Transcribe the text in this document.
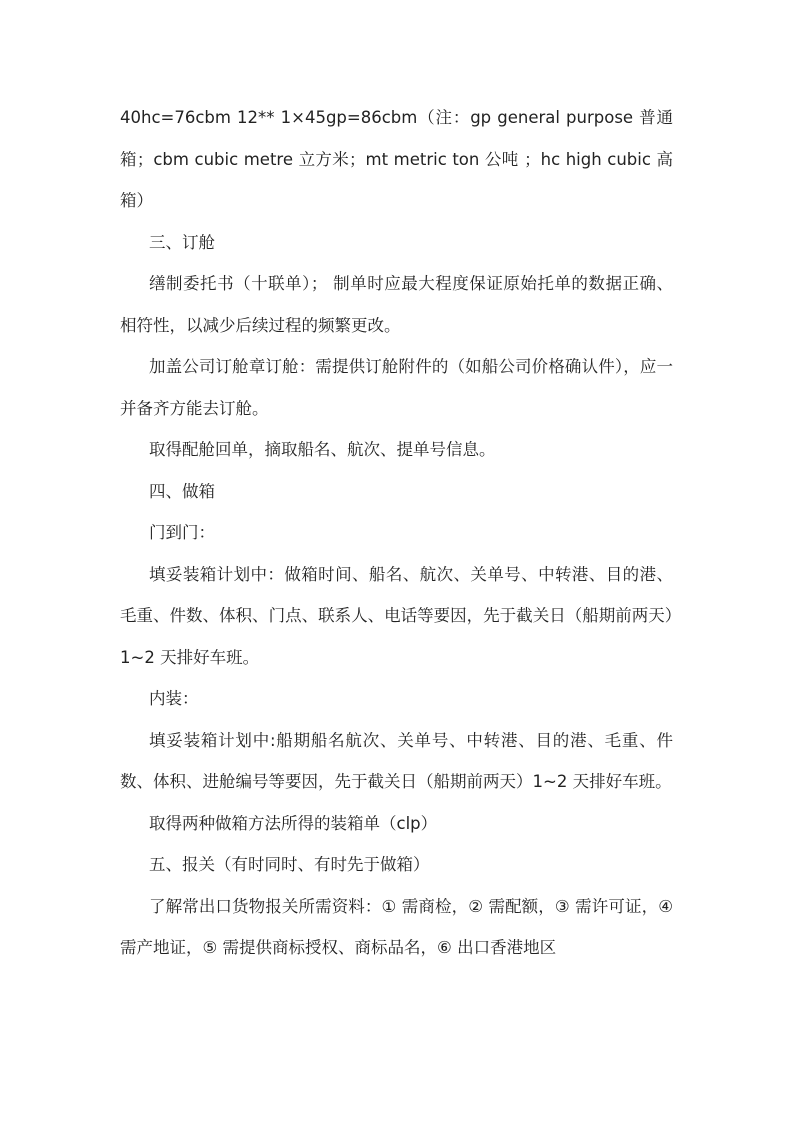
40hc=76cbm 12** 1×45gp=86cbm（注：gp general purpose 普通箱；cbm cubic metre 立方米；mt metric ton 公吨 ；hc high cubic 高箱）

三、订舱

缮制委托书（十联单）； 制单时应最大程度保证原始托单的数据正确、相符性，以减少后续过程的频繁更改。

加盖公司订舱章订舱：需提供订舱附件的（如船公司价格确认件），应一并备齐方能去订舱。

取得配舱回单，摘取船名、航次、提单号信息。

四、做箱

门到门：

填妥装箱计划中：做箱时间、船名、航次、关单号、中转港、目的港、毛重、件数、体积、门点、联系人、电话等要因，先于截关日（船期前两天）1~2 天排好车班。

内装：

填妥装箱计划中:船期船名航次、关单号、中转港、目的港、毛重、件数、体积、进舱编号等要因，先于截关日（船期前两天）1~2 天排好车班。

取得两种做箱方法所得的装箱单（clp）

五、报关（有时同时、有时先于做箱）

了解常出口货物报关所需资料：① 需商检，② 需配额，③ 需许可证，④ 需产地证，⑤ 需提供商标授权、商标品名，⑥ 出口香港地区
